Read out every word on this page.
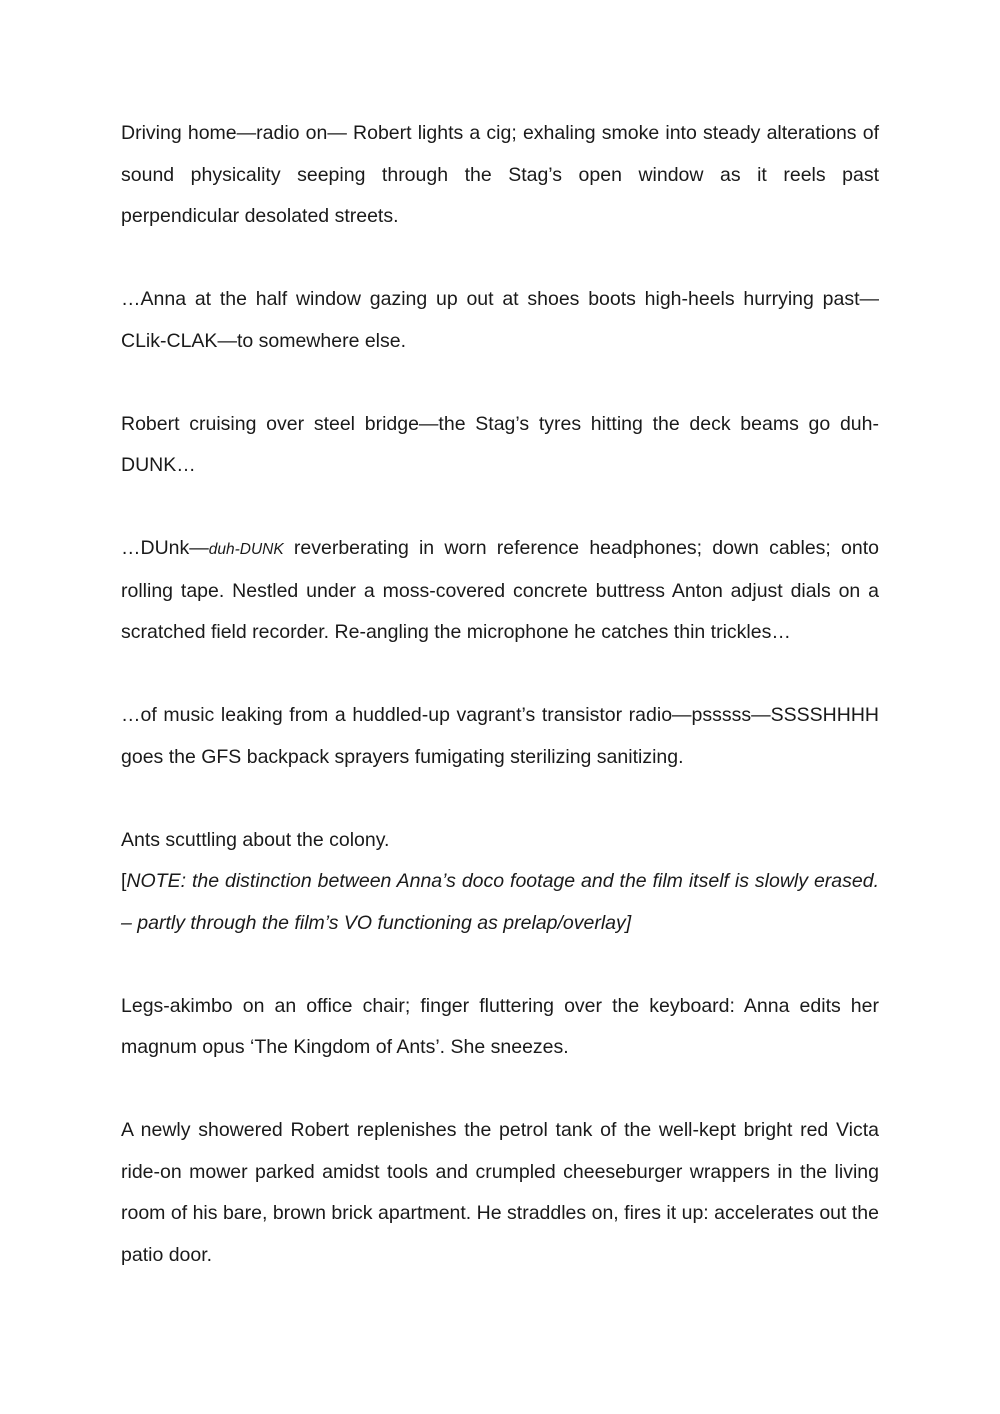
Driving home—radio on— Robert lights a cig; exhaling smoke into steady alterations of sound physicality seeping through the Stag’s open window as it reels past perpendicular desolated streets.

…Anna at the half window gazing up out at shoes boots high-heels hurrying past—CLik-CLAK—to somewhere else.

Robert cruising over steel bridge—the Stag’s tyres hitting the deck beams go duh-DUNK…

…DUnk—duh-DUNK reverberating in worn reference headphones; down cables; onto rolling tape. Nestled under a moss-covered concrete buttress Anton adjust dials on a scratched field recorder. Re-angling the microphone he catches thin trickles…

…of music leaking from a huddled-up vagrant’s transistor radio—psssss—SSSSHHHH goes the GFS backpack sprayers fumigating sterilizing sanitizing.

Ants scuttling about the colony.

[NOTE: the distinction between Anna’s doco footage and the film itself is slowly erased. – partly through the film’s VO functioning as prelap/overlay]

Legs-akimbo on an office chair; finger fluttering over the keyboard: Anna edits her magnum opus ‘The Kingdom of Ants’. She sneezes.

A newly showered Robert replenishes the petrol tank of the well-kept bright red Victa ride-on mower parked amidst tools and crumpled cheeseburger wrappers in the living room of his bare, brown brick apartment. He straddles on, fires it up: accelerates out the patio door.
